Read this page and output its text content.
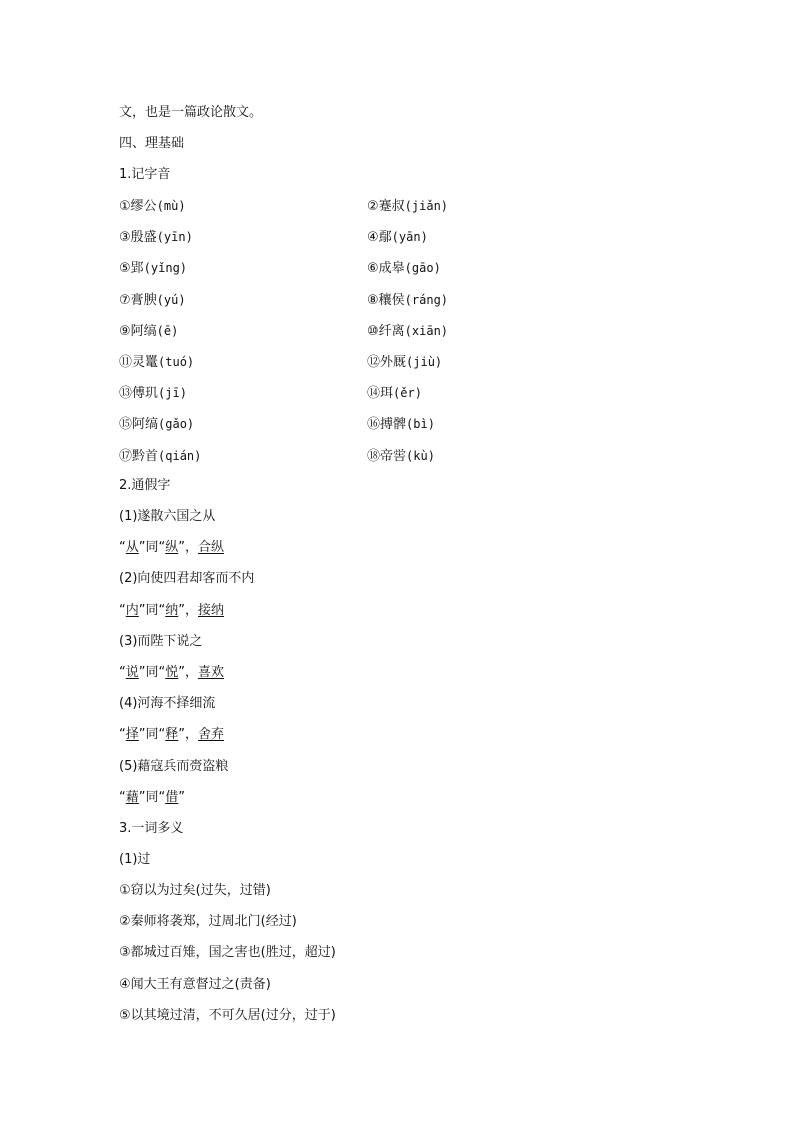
文，也是一篇政论散文。
四、理基础
1.记字音
①缪公(mù)	②蹇叔(jiǎn)
③殷盛(yīn)	④鄢(yān)
⑤郢(yǐng)	⑥成皋(gāo)
⑦膏腴(yú)	⑧穰侯(ráng)
⑨阿缟(ē)	⑩纤离(xiān)
⑪灵鼍(tuó)	⑫外厩(jiù)
⑬傅玑(jī)	⑭珥(ěr)
⑮阿缟(gǎo)	⑯搏髀(bì)
⑰黔首(qián)	⑱帝喾(kù)
2.通假字
(1)遂散六国之从
“从”同“纵”，合纵
(2)向使四君却客而不内
“内”同“纳”，接纳
(3)而陛下说之
“说”同“悦”，喜欢
(4)河海不择细流
“择”同“释”，舍弃
(5)藉寇兵而赍盗粮
“藉”同“借”
3.一词多义
(1)过
①窃以为过矣(过失，过错)
②秦师将袭郑，过周北门(经过)
③都城过百雉，国之害也(胜过，超过)
④闻大王有意督过之(责备)
⑤以其境过清，不可久居(过分，过于)
